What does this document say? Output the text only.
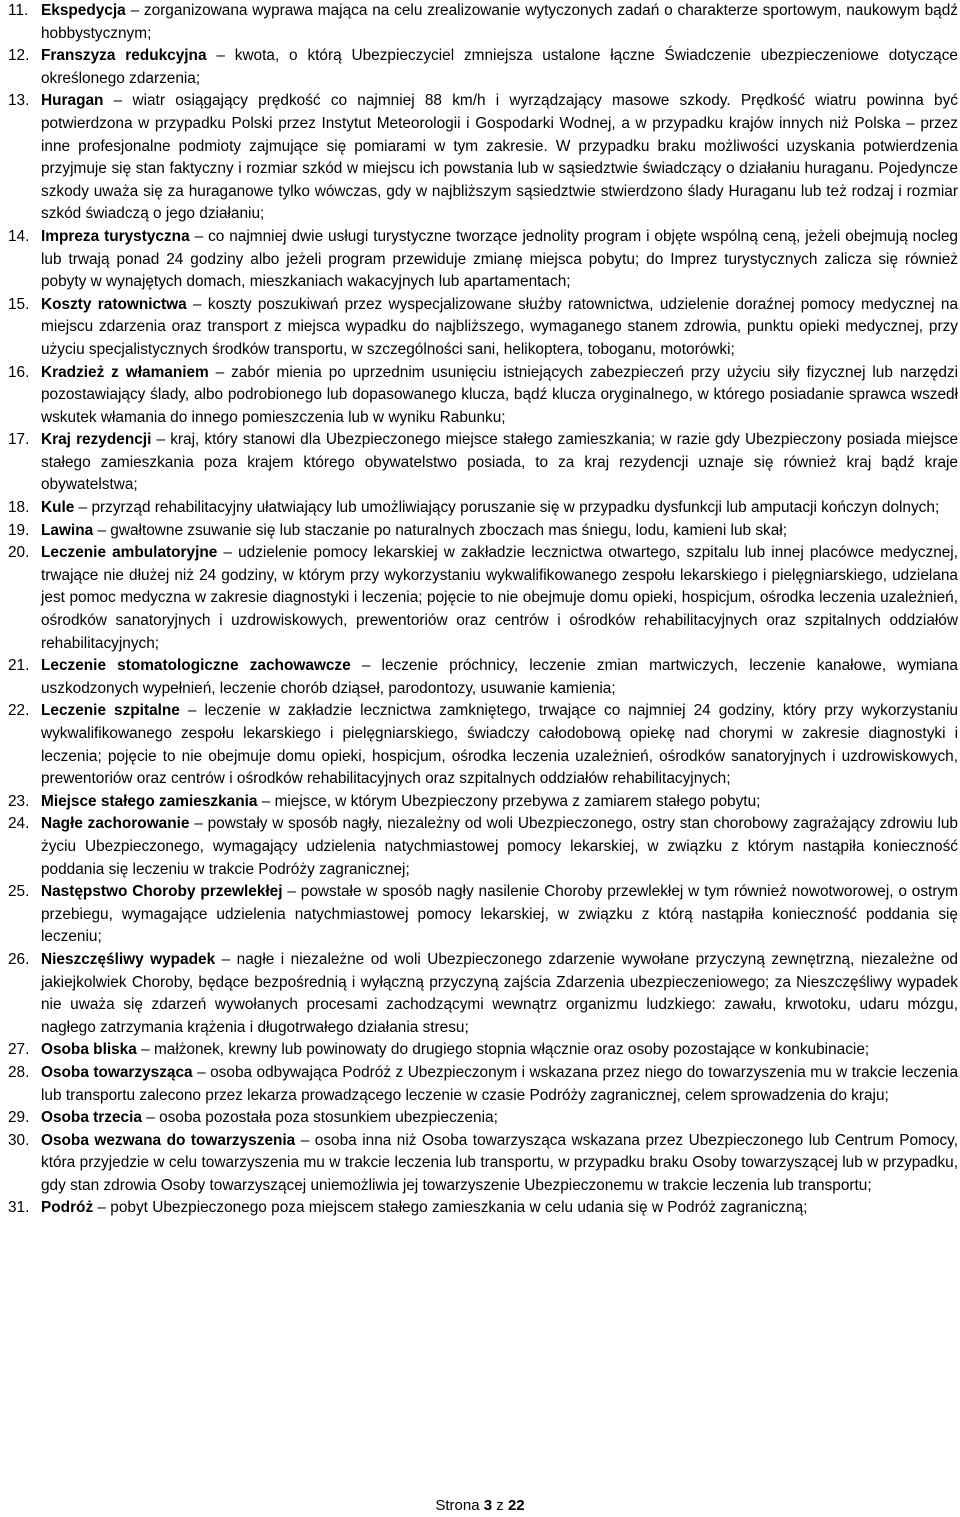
11. Ekspedycja – zorganizowana wyprawa mająca na celu zrealizowanie wytyczonych zadań o charakterze sportowym, naukowym bądź hobbystycznym;
12. Franszyza redukcyjna – kwota, o którą Ubezpieczyciel zmniejsza ustalone łączne Świadczenie ubezpieczeniowe dotyczące określonego zdarzenia;
13. Huragan – wiatr osiągający prędkość co najmniej 88 km/h i wyrządzający masowe szkody. Prędkość wiatru powinna być potwierdzona w przypadku Polski przez Instytut Meteorologii i Gospodarki Wodnej, a w przypadku krajów innych niż Polska – przez inne profesjonalne podmioty zajmujące się pomiarami w tym zakresie. W przypadku braku możliwości uzyskania potwierdzenia przyjmuje się stan faktyczny i rozmiar szkód w miejscu ich powstania lub w sąsiedztwie świadczący o działaniu huraganu. Pojedyncze szkody uważa się za huraganowe tylko wówczas, gdy w najbliższym sąsiedztwie stwierdzono ślady Huraganu lub też rodzaj i rozmiar szkód świadczą o jego działaniu;
14. Impreza turystyczna – co najmniej dwie usługi turystyczne tworzące jednolity program i objęte wspólną ceną, jeżeli obejmują nocleg lub trwają ponad 24 godziny albo jeżeli program przewiduje zmianę miejsca pobytu; do Imprez turystycznych zalicza się również pobyty w wynajętych domach, mieszkaniach wakacyjnych lub apartamentach;
15. Koszty ratownictwa – koszty poszukiwań przez wyspecjalizowane służby ratownictwa, udzielenie doraźnej pomocy medycznej na miejscu zdarzenia oraz transport z miejsca wypadku do najbliższego, wymaganego stanem zdrowia, punktu opieki medycznej, przy użyciu specjalistycznych środków transportu, w szczególności sani, helikoptera, toboganu, motorówki;
16. Kradzież z włamaniem – zabór mienia po uprzednim usunięciu istniejących zabezpieczeń przy użyciu siły fizycznej lub narzędzi pozostawiający ślady, albo podrobionego lub dopasowanego klucza, bądź klucza oryginalnego, w którego posiadanie sprawca wszedł wskutek włamania do innego pomieszczenia lub w wyniku Rabunku;
17. Kraj rezydencji – kraj, który stanowi dla Ubezpieczonego miejsce stałego zamieszkania; w razie gdy Ubezpieczony posiada miejsce stałego zamieszkania poza krajem którego obywatelstwo posiada, to za kraj rezydencji uznaje się również kraj bądź kraje obywatelstwa;
18. Kule – przyrząd rehabilitacyjny ułatwiający lub umożliwiający poruszanie się w przypadku dysfunkcji lub amputacji kończyn dolnych;
19. Lawina – gwałtowne zsuwanie się lub staczanie po naturalnych zboczach mas śniegu, lodu, kamieni lub skał;
20. Leczenie ambulatoryjne – udzielenie pomocy lekarskiej w zakładzie lecznictwa otwartego, szpitalu lub innej placówce medycznej, trwające nie dłużej niż 24 godziny, w którym przy wykorzystaniu wykwalifikowanego zespołu lekarskiego i pielęgniarskiego, udzielana jest pomoc medyczna w zakresie diagnostyki i leczenia; pojęcie to nie obejmuje domu opieki, hospicjum, ośrodka leczenia uzależnień, ośrodków sanatoryjnych i uzdrowiskowych, prewentoriów oraz centrów i ośrodków rehabilitacyjnych oraz szpitalnych oddziałów rehabilitacyjnych;
21. Leczenie stomatologiczne zachowawcze – leczenie próchnicy, leczenie zmian martwiczych, leczenie kanałowe, wymiana uszkodzonych wypełnień, leczenie chorób dziąseł, parodontozy, usuwanie kamienia;
22. Leczenie szpitalne – leczenie w zakładzie lecznictwa zamkniętego, trwające co najmniej 24 godziny, który przy wykorzystaniu wykwalifikowanego zespołu lekarskiego i pielęgniarskiego, świadczy całodobową opiekę nad chorymi w zakresie diagnostyki i leczenia; pojęcie to nie obejmuje domu opieki, hospicjum, ośrodka leczenia uzależnień, ośrodków sanatoryjnych i uzdrowiskowych, prewentoriów oraz centrów i ośrodków rehabilitacyjnych oraz szpitalnych oddziałów rehabilitacyjnych;
23. Miejsce stałego zamieszkania – miejsce, w którym Ubezpieczony przebywa z zamiarem stałego pobytu;
24. Nagłe zachorowanie – powstały w sposób nagły, niezależny od woli Ubezpieczonego, ostry stan chorobowy zagrażający zdrowiu lub życiu Ubezpieczonego, wymagający udzielenia natychmiastowej pomocy lekarskiej, w związku z którym nastąpiła konieczność poddania się leczeniu w trakcie Podróży zagranicznej;
25. Następstwo Choroby przewlekłej – powstałe w sposób nagły nasilenie Choroby przewlekłej w tym również nowotworowej, o ostrym przebiegu, wymagające udzielenia natychmiastowej pomocy lekarskiej, w związku z którą nastąpiła konieczność poddania się leczeniu;
26. Nieszczęśliwy wypadek – nagłe i niezależne od woli Ubezpieczonego zdarzenie wywołane przyczyną zewnętrzną, niezależne od jakiejkolwiek Choroby, będące bezpośrednią i wyłączną przyczyną zajścia Zdarzenia ubezpieczeniowego; za Nieszczęśliwy wypadek nie uważa się zdarzeń wywołanych procesami zachodzącymi wewnątrz organizmu ludzkiego: zawału, krwotoku, udaru mózgu, nagłego zatrzymania krążenia i długotrwałego działania stresu;
27. Osoba bliska – małżonek, krewny lub powinowaty do drugiego stopnia włącznie oraz osoby pozostające w konkubinacie;
28. Osoba towarzysząca – osoba odbywająca Podróż z Ubezpieczonym i wskazana przez niego do towarzyszenia mu w trakcie leczenia lub transportu zalecono przez lekarza prowadzącego leczenie w czasie Podróży zagranicznej, celem sprowadzenia do kraju;
29. Osoba trzecia – osoba pozostała poza stosunkiem ubezpieczenia;
30. Osoba wezwana do towarzyszenia – osoba inna niż Osoba towarzysząca wskazana przez Ubezpieczonego lub Centrum Pomocy, która przyjedzie w celu towarzyszenia mu w trakcie leczenia lub transportu, w przypadku braku Osoby towarzyszącej lub w przypadku, gdy stan zdrowia Osoby towarzyszącej uniemożliwia jej towarzyszenie Ubezpieczonemu w trakcie leczenia lub transportu;
31. Podróż – pobyt Ubezpieczonego poza miejscem stałego zamieszkania w celu udania się w Podróż zagraniczną;
Strona 3 z 22
